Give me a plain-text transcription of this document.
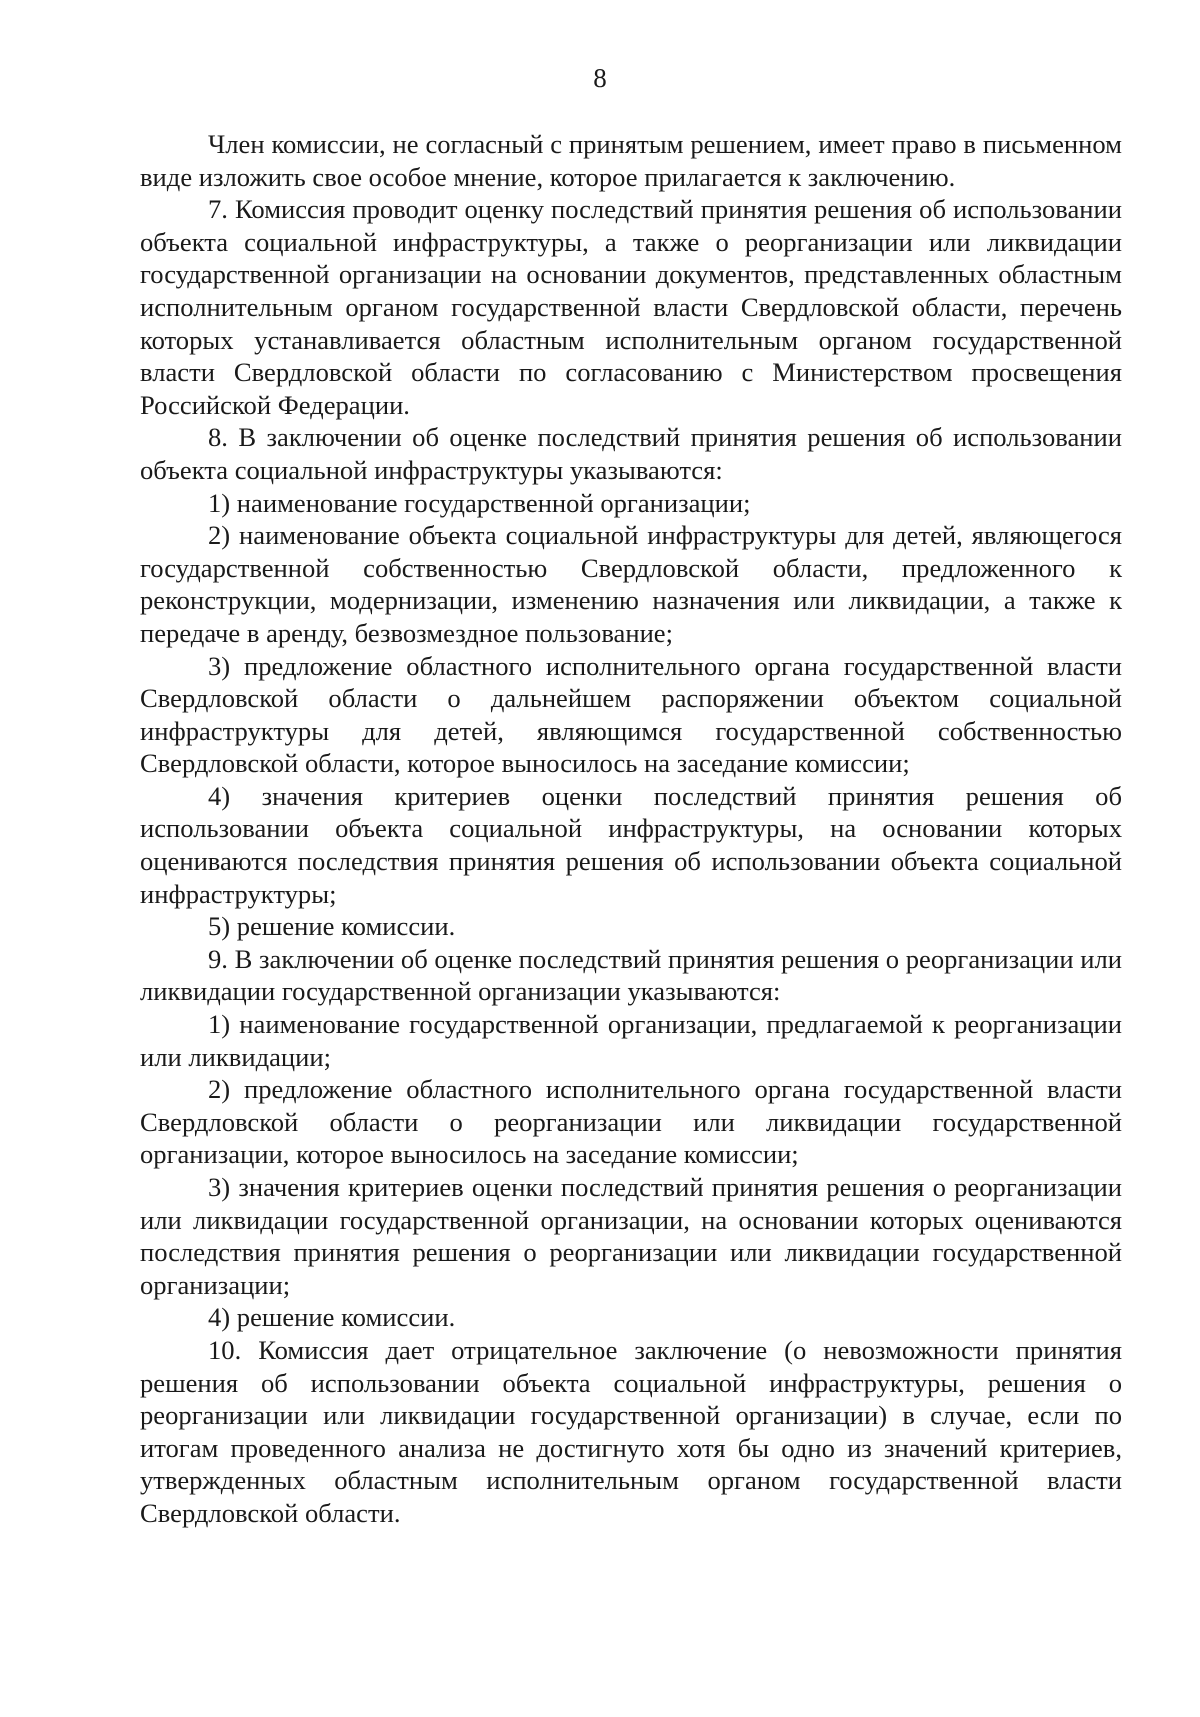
8

Член комиссии, не согласный с принятым решением, имеет право в письменном виде изложить свое особое мнение, которое прилагается к заключению.

7. Комиссия проводит оценку последствий принятия решения об использовании объекта социальной инфраструктуры, а также о реорганизации или ликвидации государственной организации на основании документов, представленных областным исполнительным органом государственной власти Свердловской области, перечень которых устанавливается областным исполнительным органом государственной власти Свердловской области по согласованию с Министерством просвещения Российской Федерации.

8. В заключении об оценке последствий принятия решения об использовании объекта социальной инфраструктуры указываются:

1) наименование государственной организации;

2) наименование объекта социальной инфраструктуры для детей, являющегося государственной собственностью Свердловской области, предложенного к реконструкции, модернизации, изменению назначения или ликвидации, а также к передаче в аренду, безвозмездное пользование;

3) предложение областного исполнительного органа государственной власти Свердловской области о дальнейшем распоряжении объектом социальной инфраструктуры для детей, являющимся государственной собственностью Свердловской области, которое выносилось на заседание комиссии;

4) значения критериев оценки последствий принятия решения об использовании объекта социальной инфраструктуры, на основании которых оцениваются последствия принятия решения об использовании объекта социальной инфраструктуры;

5) решение комиссии.

9. В заключении об оценке последствий принятия решения о реорганизации или ликвидации государственной организации указываются:

1) наименование государственной организации, предлагаемой к реорганизации или ликвидации;

2) предложение областного исполнительного органа государственной власти Свердловской области о реорганизации или ликвидации государственной организации, которое выносилось на заседание комиссии;

3) значения критериев оценки последствий принятия решения о реорганизации или ликвидации государственной организации, на основании которых оцениваются последствия принятия решения о реорганизации или ликвидации государственной организации;

4) решение комиссии.

10. Комиссия дает отрицательное заключение (о невозможности принятия решения об использовании объекта социальной инфраструктуры, решения о реорганизации или ликвидации государственной организации) в случае, если по итогам проведенного анализа не достигнуто хотя бы одно из значений критериев, утвержденных областным исполнительным органом государственной власти Свердловской области.
